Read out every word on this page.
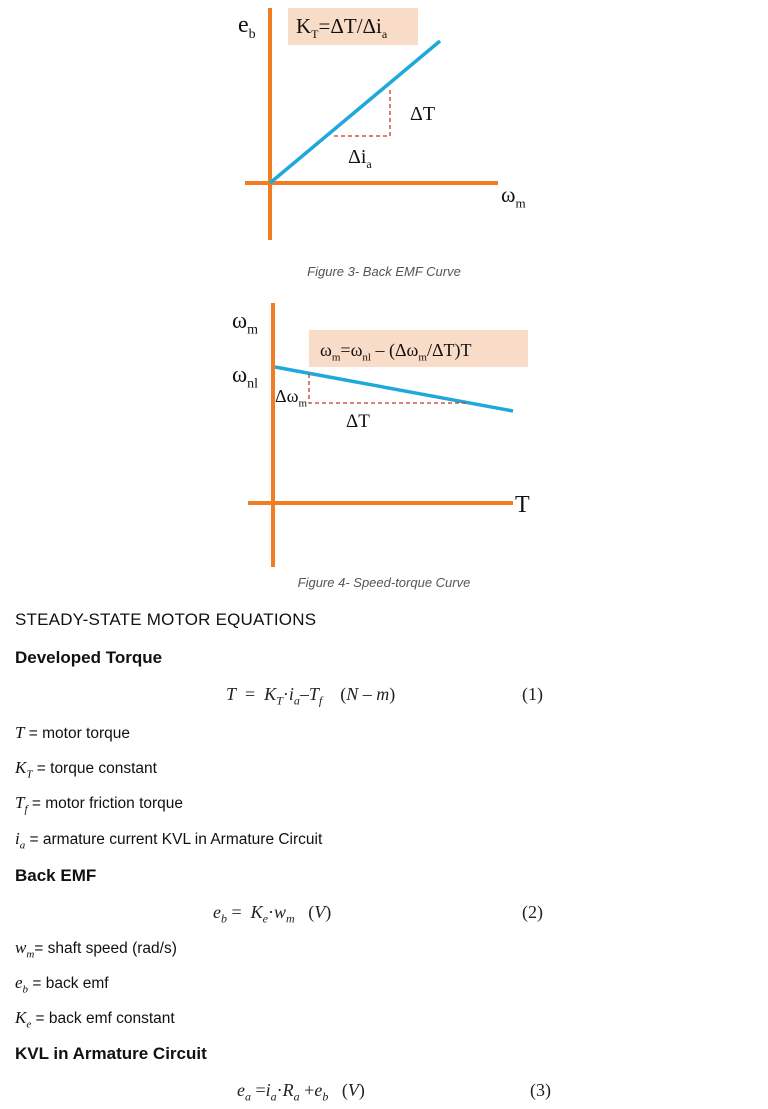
$e_b$ $K_T=\Delta T/\Delta i_a$
ΔT
$\Delta i_a$
$\omega_m$
Figure 3- Back EMF Curve
$\omega_m$
$\omega_{nl}$
$\omega_m=\omega_{nl} - (\Delta\omega_m/\Delta T)T$
$\Delta\omega_m$
ΔT
T
Figure 4- Speed-torque Curve
STEADY-STATE MOTOR EQUATIONS
Developed Torque
$T = K_T\cdot i_a-T_f$    (N – m)	(1)
T = motor torque
$K_T$ = torque constant
$T_f$ = motor friction torque
$i_a$ = armature current KVL in Armature Circuit
Back EMF
$e_b = K_e\cdot w_m$   (V)	(2)
$w_m=$ shaft speed (rad/s)
$e_b$ = back emf
$K_e$ = back emf constant
KVL in Armature Circuit
$e_a =i_a\cdot R_a +e_b$   (V)	(3)
